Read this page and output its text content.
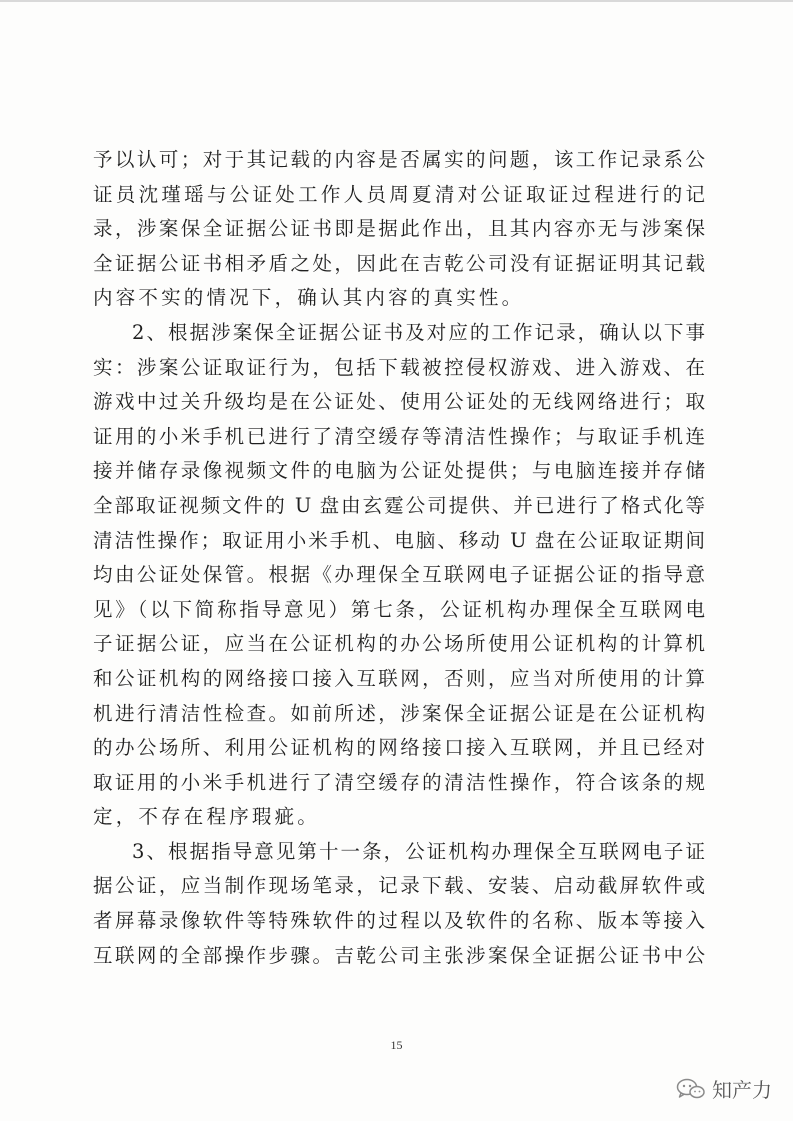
予以认可；对于其记载的内容是否属实的问题，该工作记录系公
证员沈瑾瑶与公证处工作人员周夏清对公证取证过程进行的记
录，涉案保全证据公证书即是据此作出，且其内容亦无与涉案保
全证据公证书相矛盾之处，因此在吉乾公司没有证据证明其记载
内容不实的情况下，确认其内容的真实性。
2、根据涉案保全证据公证书及对应的工作记录，确认以下事
实：涉案公证取证行为，包括下载被控侵权游戏、进入游戏、在
游戏中过关升级均是在公证处、使用公证处的无线网络进行；取
证用的小米手机已进行了清空缓存等清洁性操作；与取证手机连
接并储存录像视频文件的电脑为公证处提供；与电脑连接并存储
全部取证视频文件的 U 盘由玄霆公司提供、并已进行了格式化等
清洁性操作；取证用小米手机、电脑、移动 U 盘在公证取证期间
均由公证处保管。根据《办理保全互联网电子证据公证的指导意
见》（以下简称指导意见）第七条，公证机构办理保全互联网电
子证据公证，应当在公证机构的办公场所使用公证机构的计算机
和公证机构的网络接口接入互联网，否则，应当对所使用的计算
机进行清洁性检查。如前所述，涉案保全证据公证是在公证机构
的办公场所、利用公证机构的网络接口接入互联网，并且已经对
取证用的小米手机进行了清空缓存的清洁性操作，符合该条的规
定，不存在程序瑕疵。
3、根据指导意见第十一条，公证机构办理保全互联网电子证
据公证，应当制作现场笔录，记录下载、安装、启动截屏软件或
者屏幕录像软件等特殊软件的过程以及软件的名称、版本等接入
互联网的全部操作步骤。吉乾公司主张涉案保全证据公证书中公
15
知产力
